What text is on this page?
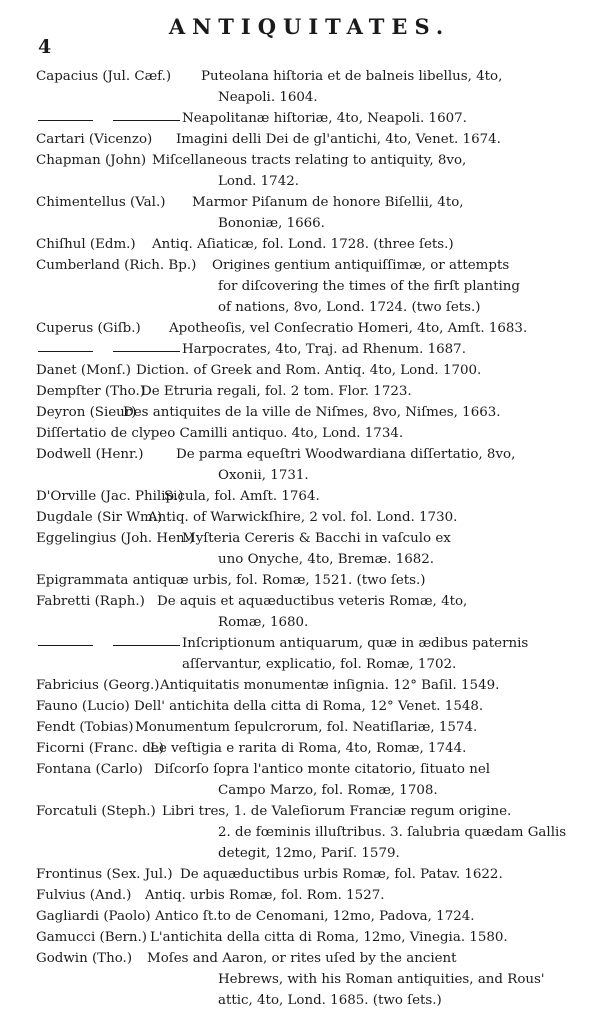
4
ANTIQUITATES.
Capacius (Jul. Cæf.) Puteolana hiſtoria et de balneis libellus, 4to,
Neapoli. 1604.
Neapolitanæ hiſtoriæ, 4to, Neapoli. 1607.
Cartari (Vicenzo) Imagini delli Dei de gl'antichi, 4to, Venet. 1674.
Chapman (John) Miſcellaneous tracts relating to antiquity, 8vo,
Lond. 1742.
Chimentellus (Val.) Marmor Piſanum de honore Biſellii, 4to,
Bononiæ, 1666.
Chiſhul (Edm.) Antiq. Aſiaticæ, fol. Lond. 1728. (three ſets.)
Cumberland (Rich. Bp.) Origines gentium antiquiſſimæ, or attempts
for diſcovering the times of the firſt planting
of nations, 8vo, Lond. 1724. (two ſets.)
Cuperus (Giſb.) Apotheoſis, vel Conſecratio Homeri, 4to, Amſt. 1683.
Harpocrates, 4to, Traj. ad Rhenum. 1687.
Danet (Monſ.) Diction. of Greek and Rom. Antiq. 4to, Lond. 1700.
Dempſter (Tho.)
De Etruria regali, fol. 2 tom. Flor. 1723.
Deyron (Sieur)
Des antiquites de la ville de Niſmes, 8vo, Niſmes, 1663.
Diſſertatio de clypeo Camilli antiquo. 4to, Lond. 1734.
Dodwell (Henr.) De parma equeſtri Woodwardiana diſſertatio, 8vo,
Oxonii, 1731.
D'Orville (Jac. Philip.)
Sicula, fol. Amſt. 1764.
Dugdale (Sir Wm.)
Antiq. of Warwickſhire, 2 vol. fol. Lond. 1730.
Eggelingius (Joh. Hen.)
Myſteria Cereris & Bacchi in vaſculo ex
uno Onyche, 4to, Bremæ. 1682.
Epigrammata antiquæ urbis, fol. Romæ, 1521. (two ſets.)
Fabretti (Raph.) De aquis et aquæductibus veteris Romæ, 4to,
Romæ, 1680.
Inſcriptionum antiquarum, quæ in ædibus paternis
aſſervantur, explicatio, fol. Romæ, 1702.
Fabricius (Georg.) Antiquitatis monumentæ inſignia. 12° Baſil. 1549.
Fauno (Lucio) Dell' antichita della citta di Roma, 12° Venet. 1548.
Fendt (Tobias) Monumentum ſepulcrorum, fol. Neatiſlariæ, 1574.
Ficorni (Franc. de)
Le veſtigia e rarita di Roma, 4to, Romæ, 1744.
Fontana (Carlo) Diſcorſo ſopra l'antico monte citatorio, ſituato nel
Campo Marzo, fol. Romæ, 1708.
Forcatuli (Steph.) Libri tres, 1. de Valeſiorum Franciæ regum origine.
2. de fœminis illuſtribus. 3. ſalubria quædam Gallis
detegit, 12mo, Pariſ. 1579.
Frontinus (Sex. Jul.) De aquæductibus urbis Romæ, fol. Patav. 1622.
Fulvius (And.) Antiq. urbis Romæ, fol. Rom. 1527.
Gagliardi (Paolo) Antico ſt.to de Cenomani, 12mo, Padova, 1724.
Gamucci (Bern.) L'antichita della citta di Roma, 12mo, Vinegia. 1580.
Godwin (Tho.) Moſes and Aaron, or rites uſed by the ancient
Hebrews, with his Roman antiquities, and Rous'
attic, 4to, Lond. 1685. (two ſets.)
